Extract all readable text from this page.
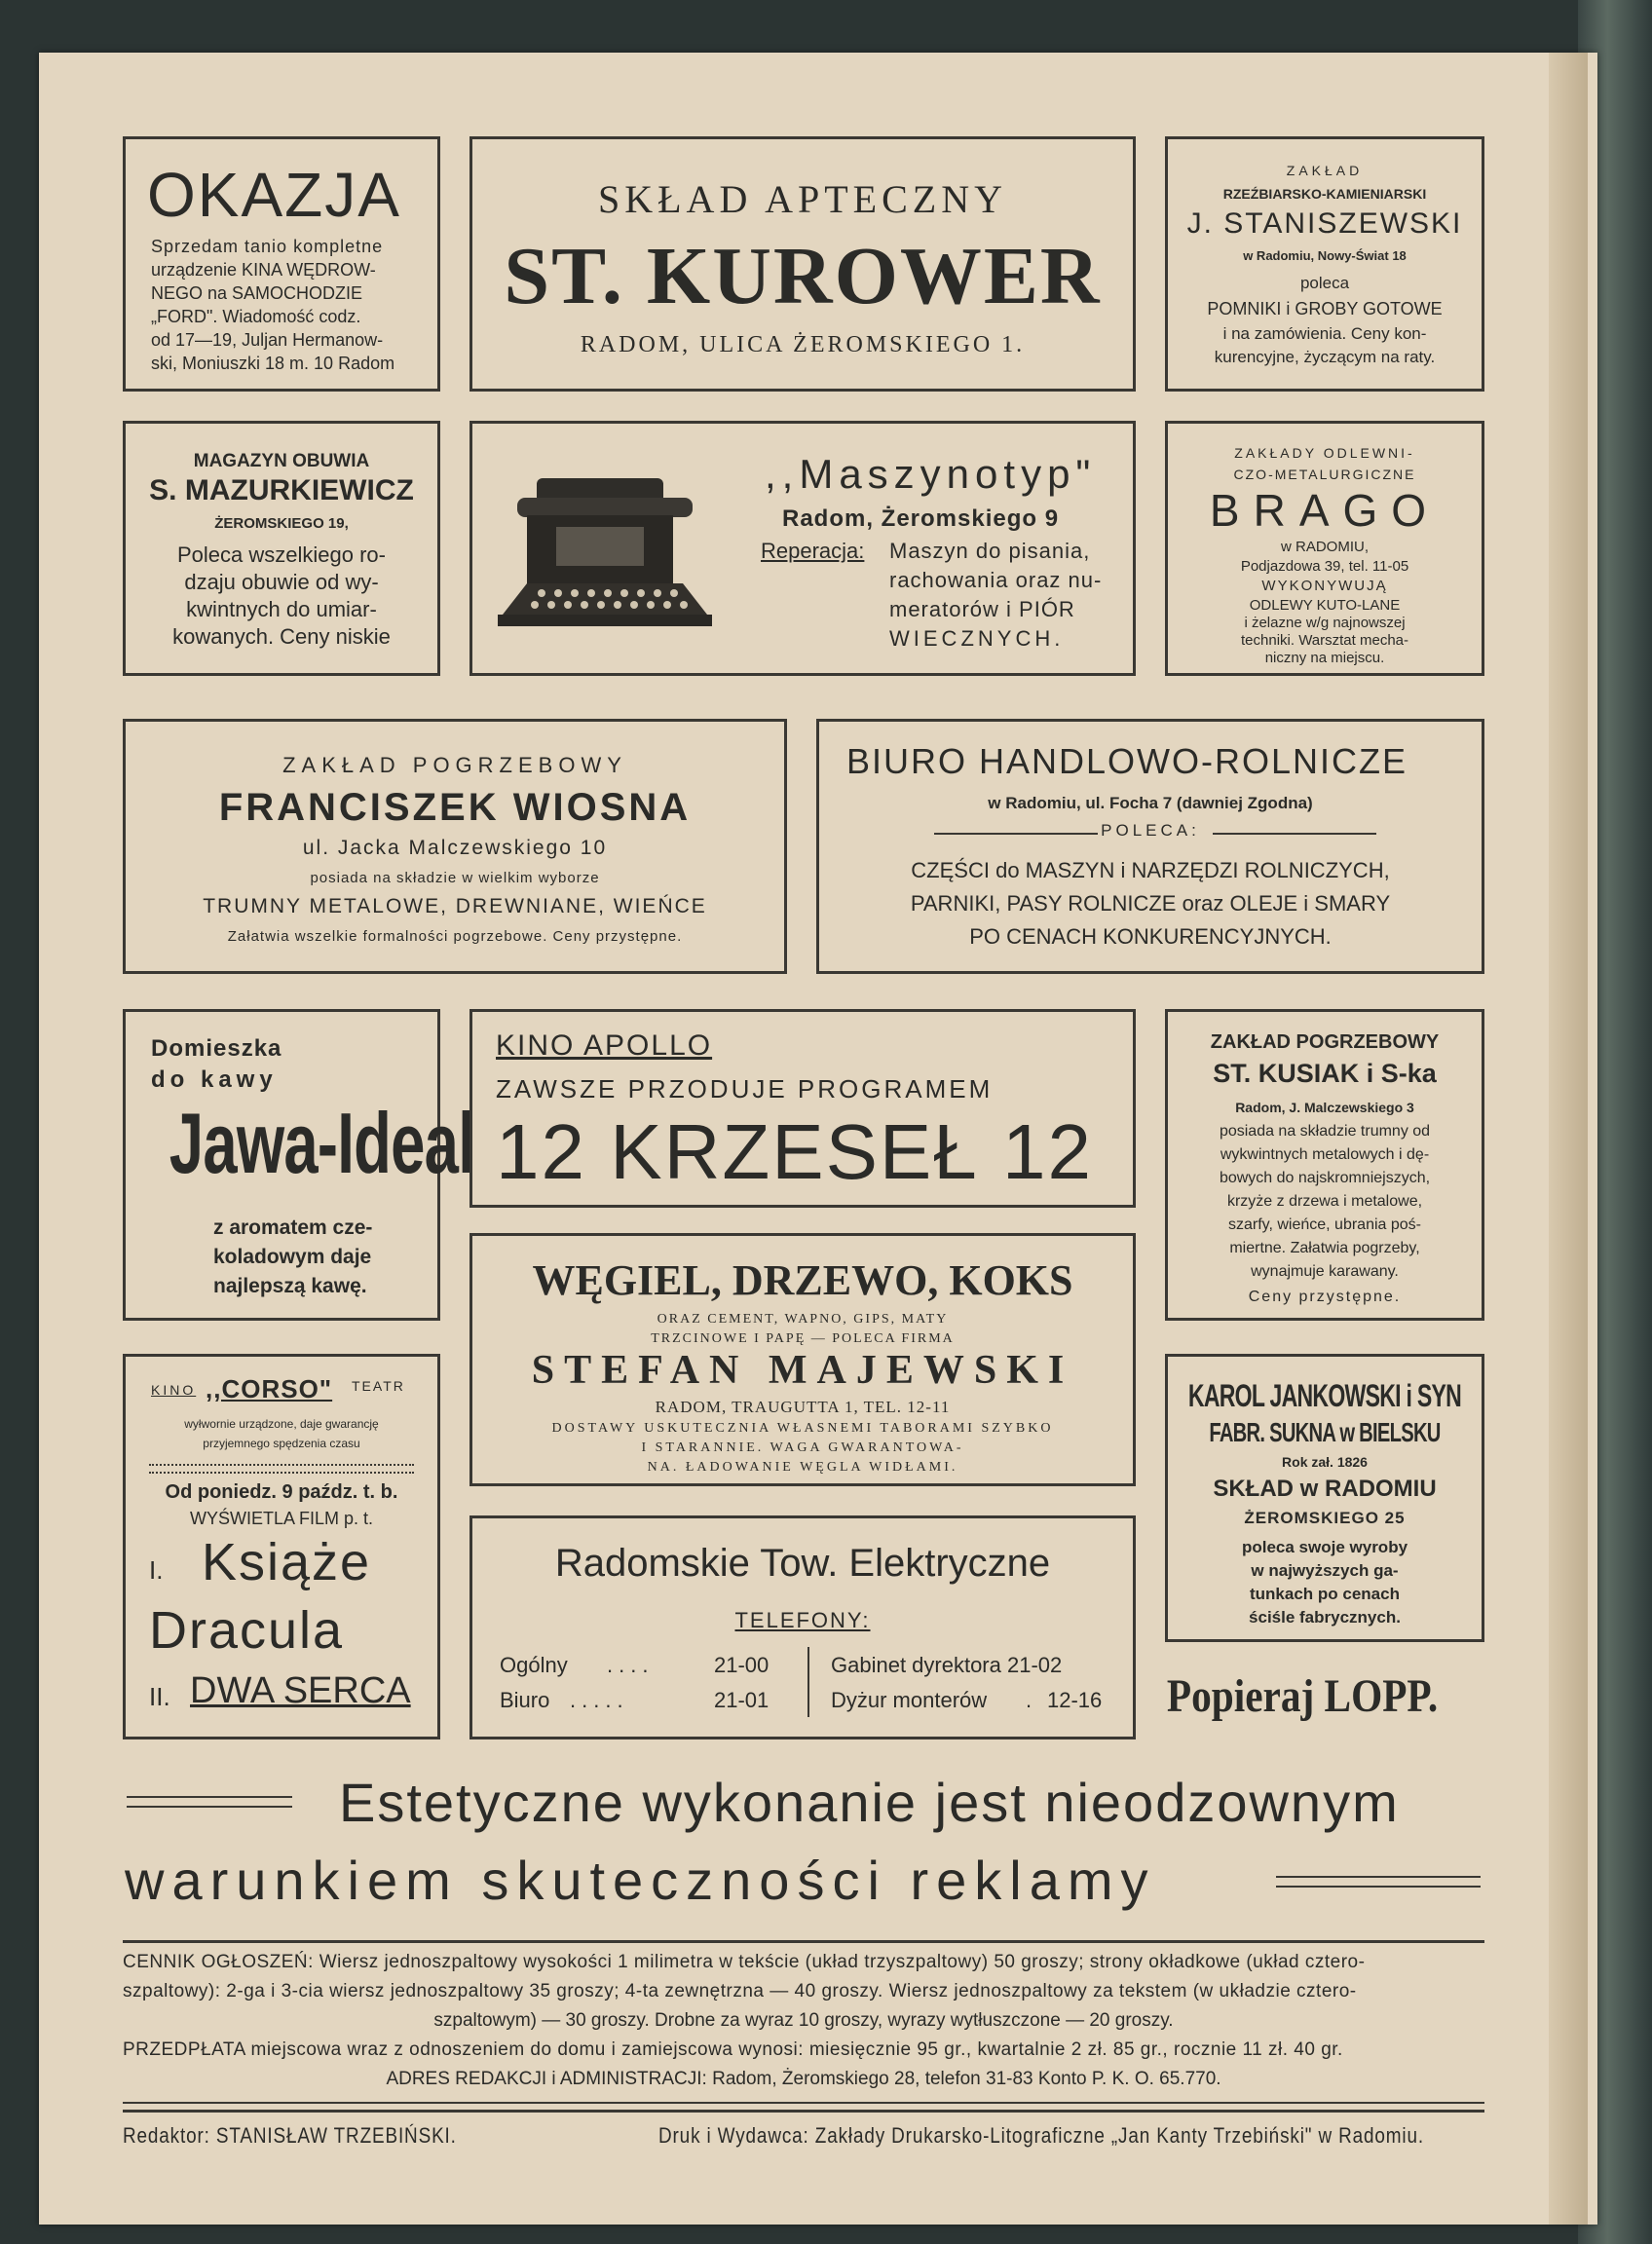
OKAZJA
Sprzedam tanio kompletne
urządzenie KINA WĘDROW-
NEGO na SAMOCHODZIE
„FORD". Wiadomość codz.
od 17—19, Juljan Hermanow-
ski, Moniuszki 18 m. 10 Radom
SKŁAD APTECZNY
ST. KUROWER
RADOM, ULICA ŻEROMSKIEGO 1.
ZAKŁAD
RZEŹBIARSKO-KAMIENIARSKI
J. STANISZEWSKI
w Radomiu, Nowy-Świat 18
poleca
POMNIKI i GROBY GOTOWE
i na zamówienia. Ceny kon-
kurencyjne, życzącym na raty.
MAGAZYN OBUWIA
S. MAZURKIEWICZ
ŻEROMSKIEGO 19,
Poleca wszelkiego ro-
dzaju obuwie od wy-
kwintnych do umiar-
kowanych. Ceny niskie
,,Maszynotyp"
Radom, Żeromskiego 9
Reperacja: Maszyn do pisania,
rachowania oraz nu-
meratorów i PIÓR
WIECZNYCH.
ZAKŁADY ODLEWNI-
CZO-METALURGICZNE
BRAGO
w RADOMIU,
Podjazdowa 39, tel. 11-05
WYKONYWUJĄ
ODLEWY KUTO-LANE
i żelazne w/g najnowszej
techniki. Warsztat mecha-
niczny na miejscu.
ZAKŁAD POGRZEBOWY
FRANCISZEK WIOSNA
ul. Jacka Malczewskiego 10
posiada na składzie w wielkim wyborze
TRUMNY METALOWE, DREWNIANE, WIEŃCE
Załatwia wszelkie formalności pogrzebowe. Ceny przystępne.
BIURO HANDLOWO-ROLNICZE
w Radomiu, ul. Focha 7 (dawniej Zgodna)
POLECA:
CZĘŚCI do MASZYN i NARZĘDZI ROLNICZYCH,
PARNIKI, PASY ROLNICZE oraz OLEJE i SMARY
PO CENACH KONKURENCYJNYCH.
Domieszka
do kawy
Jawa-Ideal
z aromatem cze-
koladowym daje
najlepszą kawę.
KINO APOLLO
ZAWSZE PRZODUJE PROGRAMEM
12 KRZESEŁ 12
ZAKŁAD POGRZEBOWY
ST. KUSIAK i S-ka
Radom, J. Malczewskiego 3
posiada na składzie trumny od
wykwintnych metalowych i dę-
bowych do najskromniejszych,
krzyże z drzewa i metalowe,
szarfy, wieńce, ubrania poś-
miertne. Załatwia pogrzeby,
wynajmuje karawany.
Ceny przystępne.
WĘGIEL, DRZEWO, KOKS
ORAZ CEMENT, WAPNO, GIPS, MATY
TRZCINOWE I PAPĘ — POLECA FIRMA
STEFAN MAJEWSKI
RADOM, TRAUGUTTA 1, TEL. 12-11
DOSTAWY USKUTECZNIA WŁASNEMI TABORAMI SZYBKO
I STARANNIE. WAGA GWARANTOWA-
NA. ŁADOWANIE WĘGLA WIDŁAMI.
KINO ,,CORSO" TEATR
wyłwornie urządzone, daje gwarancję
przyjemnego spędzenia czasu
Od poniedz. 9 paźdz. t. b.
WYŚWIETLA FILM p. t.
I. Książe
Dracula
II. DWA SERCA
Radomskie Tow. Elektryczne
TELEFONY:
Ogólny ....	21-00
Biuro .....	21-01
Gabinet dyrektora 21-02
Dyżur monterów . 12-16
KAROL JANKOWSKI i SYN
FABR. SUKNA w BIELSKU
Rok zał. 1826
SKŁAD w RADOMIU
ŻEROMSKIEGO 25
poleca swoje wyroby
w najwyższych ga-
tunkach po cenach
ściśle fabrycznych.
Popieraj LOPP.
Estetyczne wykonanie jest nieodzownym
warunkiem skuteczności reklamy
CENNIK OGŁOSZEŃ: Wiersz jednoszpaltowy wysokości 1 milimetra w tekście (układ trzyszpaltowy) 50 groszy; strony okładkowe (układ cztero-
szpaltowy): 2-ga i 3-cia wiersz jednoszpaltowy 35 groszy; 4-ta zewnętrzna — 40 groszy. Wiersz jednoszpaltowy za tekstem (w układzie cztero-
szpaltowym) — 30 groszy. Drobne za wyraz 10 groszy, wyrazy wytłuszczone — 20 groszy.
PRZEDPŁATA miejscowa wraz z odnoszeniem do domu i zamiejscowa wynosi: miesięcznie 95 gr., kwartalnie 2 zł. 85 gr., rocznie 11 zł. 40 gr.
ADRES REDAKCJI i ADMINISTRACJI: Radom, Żeromskiego 28, telefon 31-83 Konto P. K. O. 65.770.
Redaktor: STANISŁAW TRZEBIŃSKI.	Druk i Wydawca: Zakłady Drukarsko-Litograficzne „Jan Kanty Trzebiński" w Radomiu.
